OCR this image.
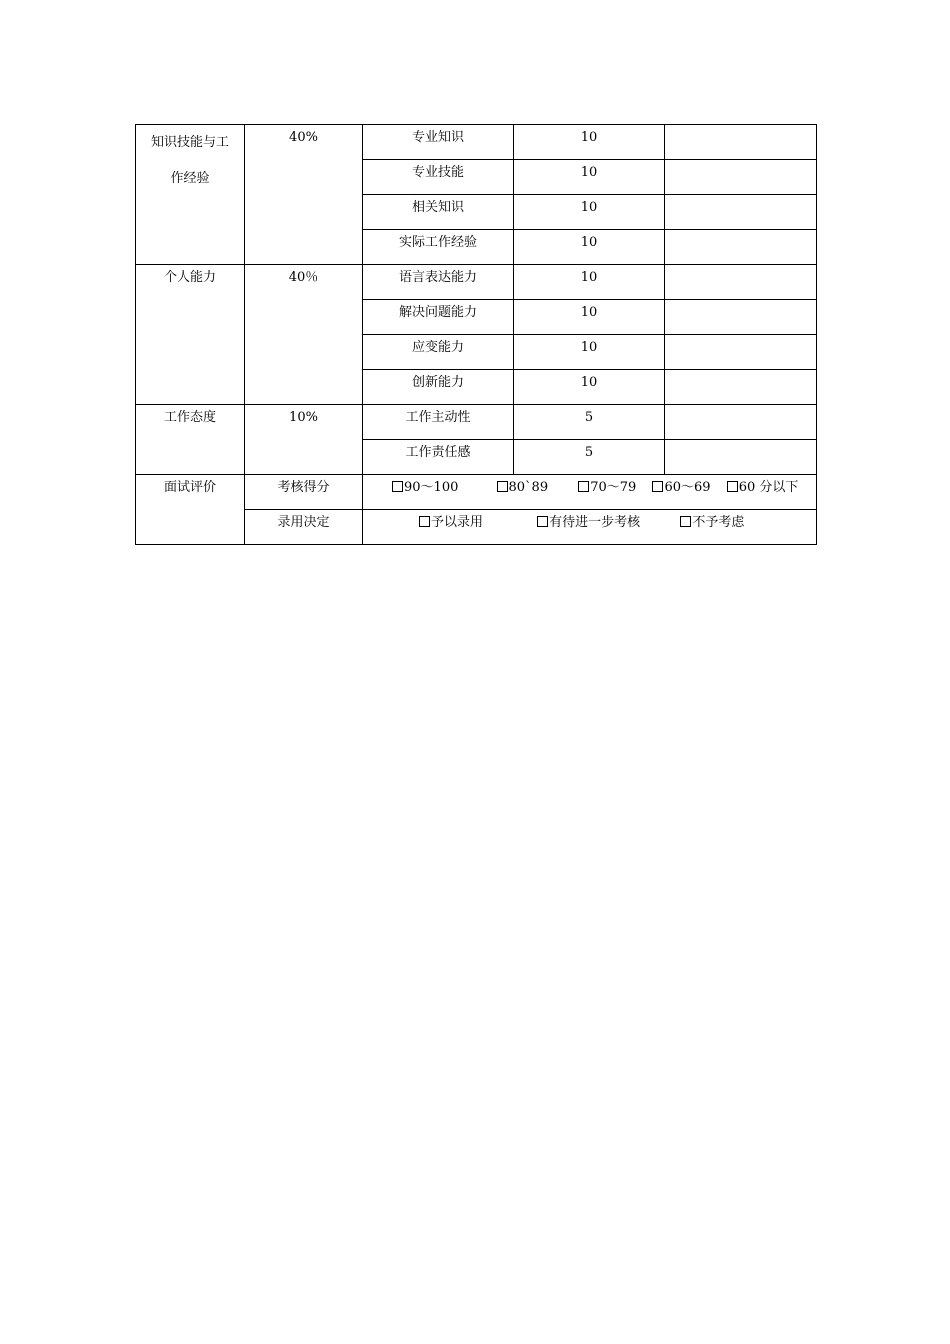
知识技能与工
作经验	40%	专业知识	10	
		专业技能	10	
		相关知识	10	
		实际工作经验	10	
个人能力	40％	语言表达能力	10	
		解决问题能力	10	
		应变能力	10	
		创新能力	10	
工作态度	10%	工作主动性	5	
		工作责任感	5	
面试评价	考核得分	90～100 80`89 70～79 60～69 60 分以下		
	录用决定	予以录用 有待进一步考核 不予考虑		
